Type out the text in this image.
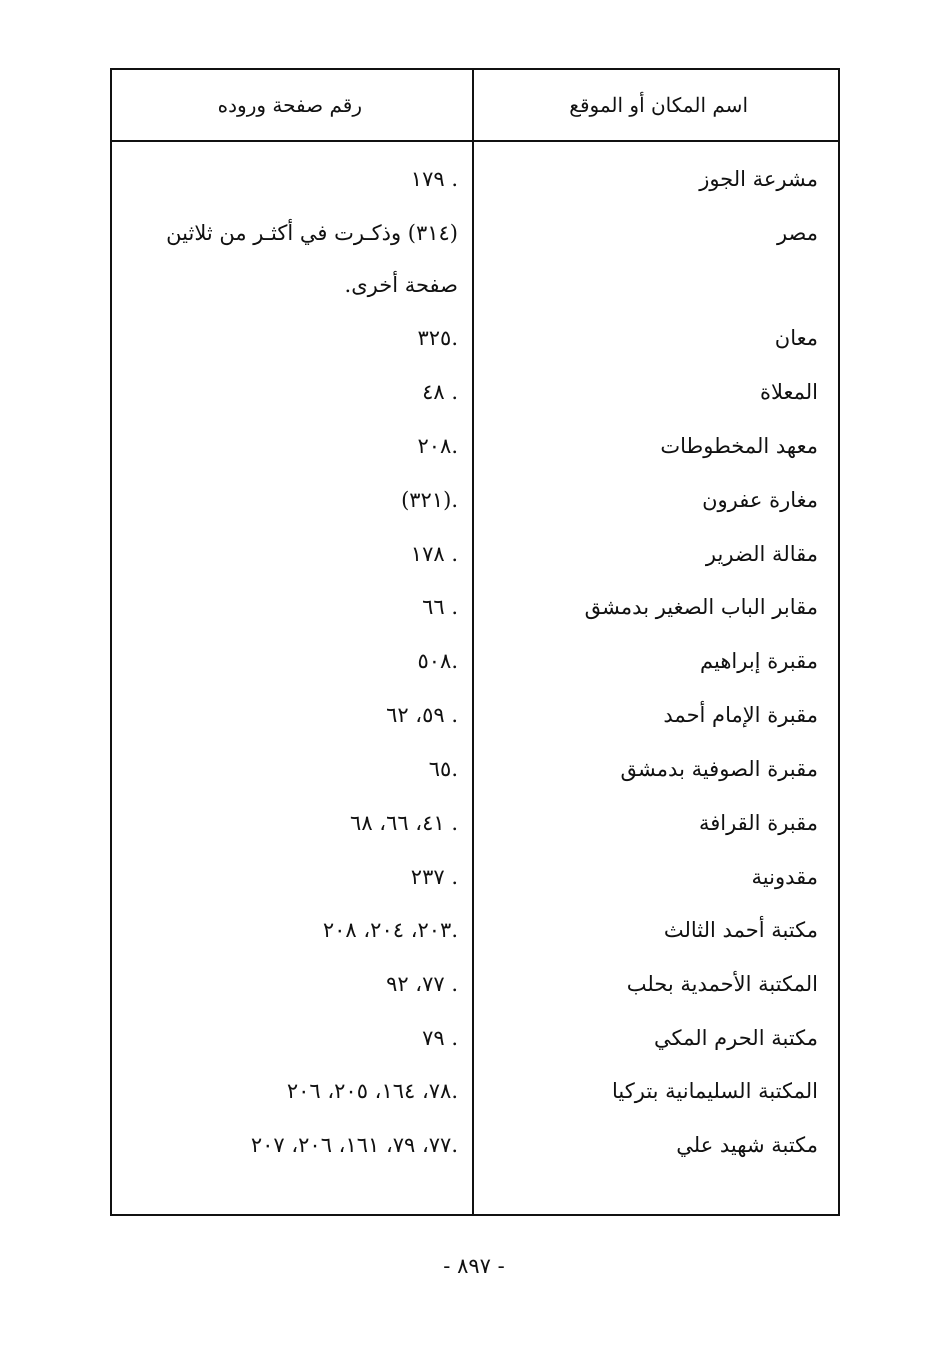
اسم المكان أو الموقع
رقم صفحة وروده
مشرعة الجوز
١٧٩ .
مصر
(٣١٤) وذكـرت في أكثـر من ثلاثين
صفحة أخرى.
معان
٣٢٥.
المعلاة
٤٨ .
معهد المخطوطات
٢٠٨.
مغارة عفرون
(٣٢١).
مقالة الضرير
١٧٨ .
مقابر الباب الصغير بدمشق
٦٦ .
مقبرة إبراهيم
٥٠٨.
مقبرة الإمام أحمد
٥٩، ٦٢ .
مقبرة الصوفية بدمشق
٦٥.
مقبرة القرافة
٤١، ٦٦، ٦٨ .
مقدونية
٢٣٧ .
مكتبة أحمد الثالث
٢٠٣، ٢٠٤، ٢٠٨.
المكتبة الأحمدية بحلب
٧٧، ٩٢ .
مكتبة الحرم المكي
٧٩ .
المكتبة السليمانية بتركيا
٧٨، ١٦٤، ٢٠٥، ٢٠٦.
مكتبة شهيد علي
٧٧، ٧٩، ١٦١، ٢٠٦، ٢٠٧.
- ٨٩٧ -
